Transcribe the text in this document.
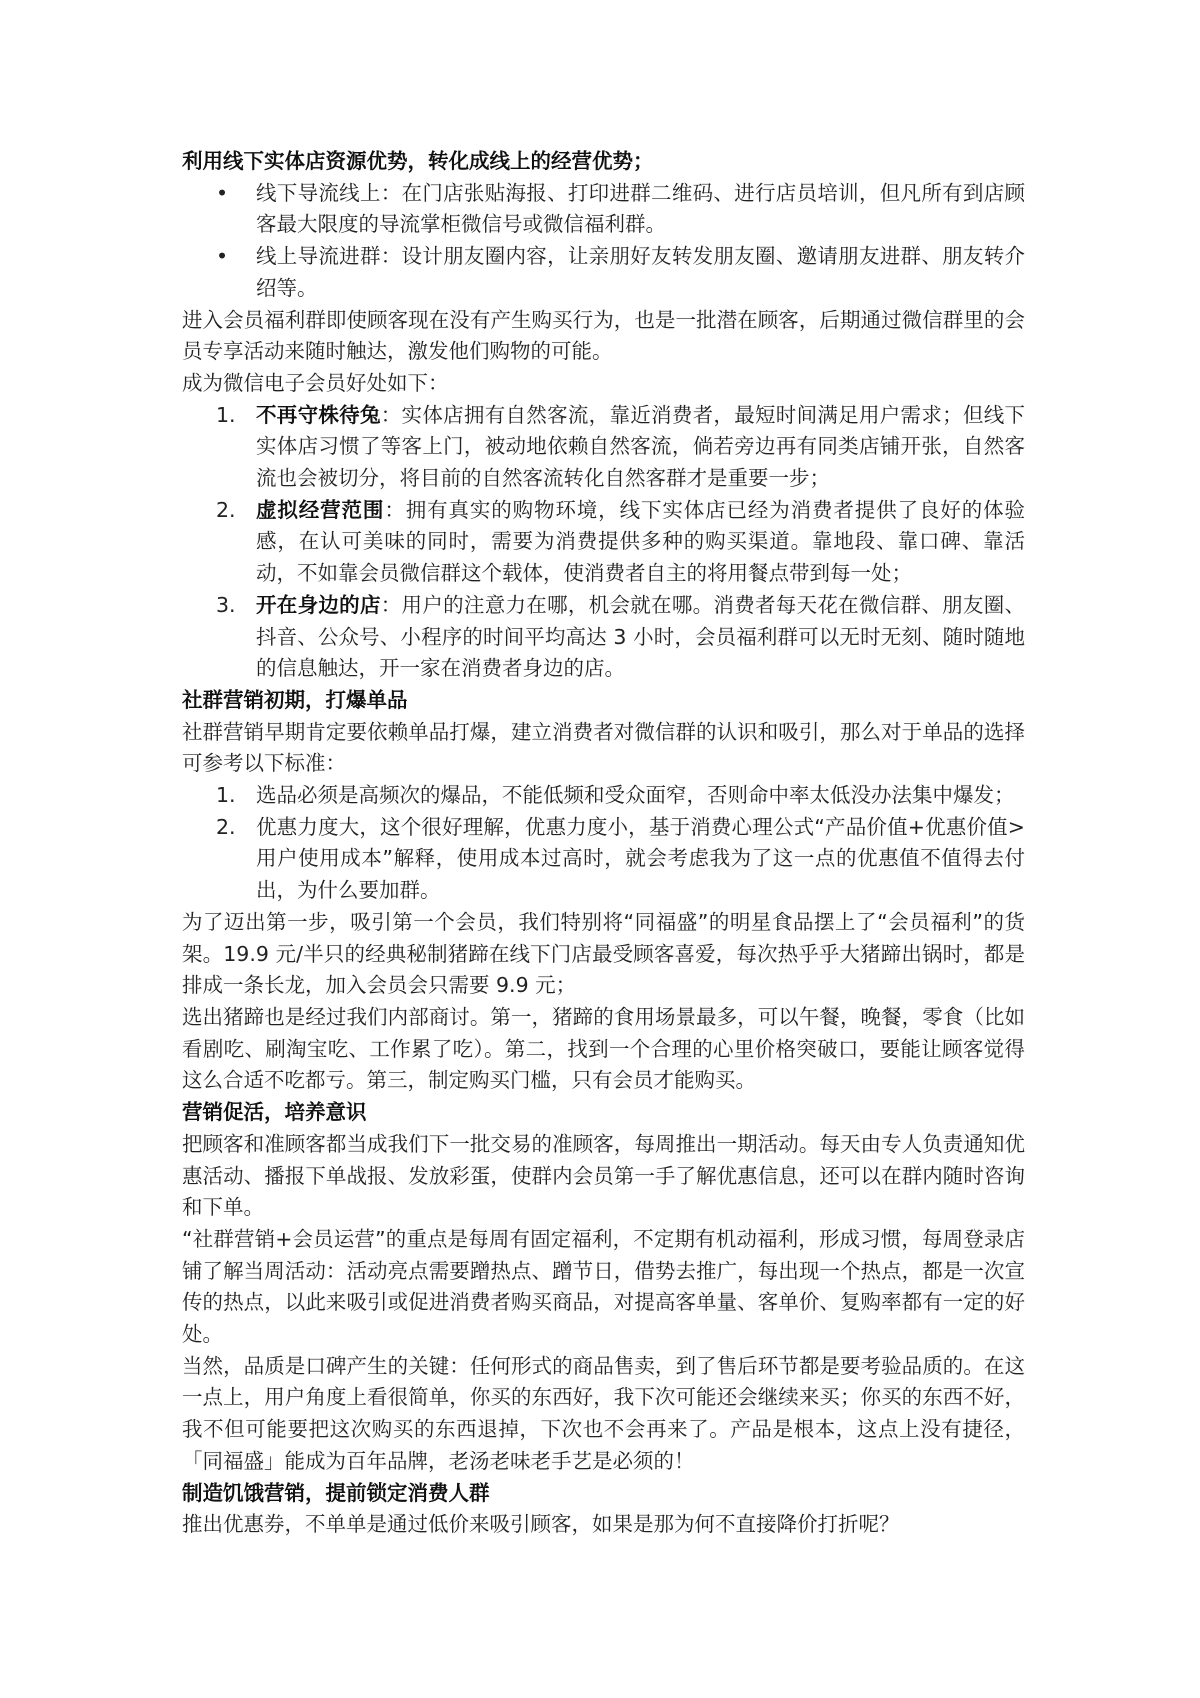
利用线下实体店资源优势，转化成线上的经营优势；

• 线下导流线上：在门店张贴海报、打印进群二维码、进行店员培训，但凡所有到店顾客最大限度的导流掌柜微信号或微信福利群。
• 线上导流进群：设计朋友圈内容，让亲朋好友转发朋友圈、邀请朋友进群、朋友转介绍等。

进入会员福利群即使顾客现在没有产生购买行为，也是一批潜在顾客，后期通过微信群里的会员专享活动来随时触达，激发他们购物的可能。

成为微信电子会员好处如下：

1. 不再守株待兔：实体店拥有自然客流，靠近消费者，最短时间满足用户需求；但线下实体店习惯了等客上门，被动地依赖自然客流，倘若旁边再有同类店铺开张，自然客流也会被切分，将目前的自然客流转化自然客群才是重要一步；
2. 虚拟经营范围：拥有真实的购物环境，线下实体店已经为消费者提供了良好的体验感，在认可美味的同时，需要为消费提供多种的购买渠道。靠地段、靠口碑、靠活动，不如靠会员微信群这个载体，使消费者自主的将用餐点带到每一处；
3. 开在身边的店：用户的注意力在哪，机会就在哪。消费者每天花在微信群、朋友圈、抖音、公众号、小程序的时间平均高达 3 小时，会员福利群可以无时无刻、随时随地的信息触达，开一家在消费者身边的店。

社群营销初期，打爆单品

社群营销早期肯定要依赖单品打爆，建立消费者对微信群的认识和吸引，那么对于单品的选择可参考以下标准：

1. 选品必须是高频次的爆品，不能低频和受众面窄，否则命中率太低没办法集中爆发；
2. 优惠力度大，这个很好理解，优惠力度小，基于消费心理公式“产品价值+优惠价值>用户使用成本”解释，使用成本过高时，就会考虑我为了这一点的优惠值不值得去付出，为什么要加群。

为了迈出第一步，吸引第一个会员，我们特别将“同福盛”的明星食品摆上了“会员福利”的货架。19.9 元/半只的经典秘制猪蹄在线下门店最受顾客喜爱，每次热乎乎大猪蹄出锅时，都是排成一条长龙，加入会员会只需要 9.9 元；

选出猪蹄也是经过我们内部商讨。第一，猪蹄的食用场景最多，可以午餐，晚餐，零食（比如看剧吃、刷淘宝吃、工作累了吃）。第二，找到一个合理的心里价格突破口，要能让顾客觉得这么合适不吃都亏。第三，制定购买门槛，只有会员才能购买。

营销促活，培养意识

把顾客和准顾客都当成我们下一批交易的准顾客，每周推出一期活动。每天由专人负责通知优惠活动、播报下单战报、发放彩蛋，使群内会员第一手了解优惠信息，还可以在群内随时咨询和下单。

“社群营销+会员运营”的重点是每周有固定福利，不定期有机动福利，形成习惯，每周登录店铺了解当周活动：活动亮点需要蹭热点、蹭节日，借势去推广，每出现一个热点，都是一次宣传的热点，以此来吸引或促进消费者购买商品，对提高客单量、客单价、复购率都有一定的好处。

当然，品质是口碑产生的关键：任何形式的商品售卖，到了售后环节都是要考验品质的。在这一点上，用户角度上看很简单，你买的东西好，我下次可能还会继续来买；你买的东西不好，我不但可能要把这次购买的东西退掉，下次也不会再来了。产品是根本，这点上没有捷径，「同福盛」能成为百年品牌，老汤老味老手艺是必须的！

制造饥饿营销，提前锁定消费人群

推出优惠券，不单单是通过低价来吸引顾客，如果是那为何不直接降价打折呢？
